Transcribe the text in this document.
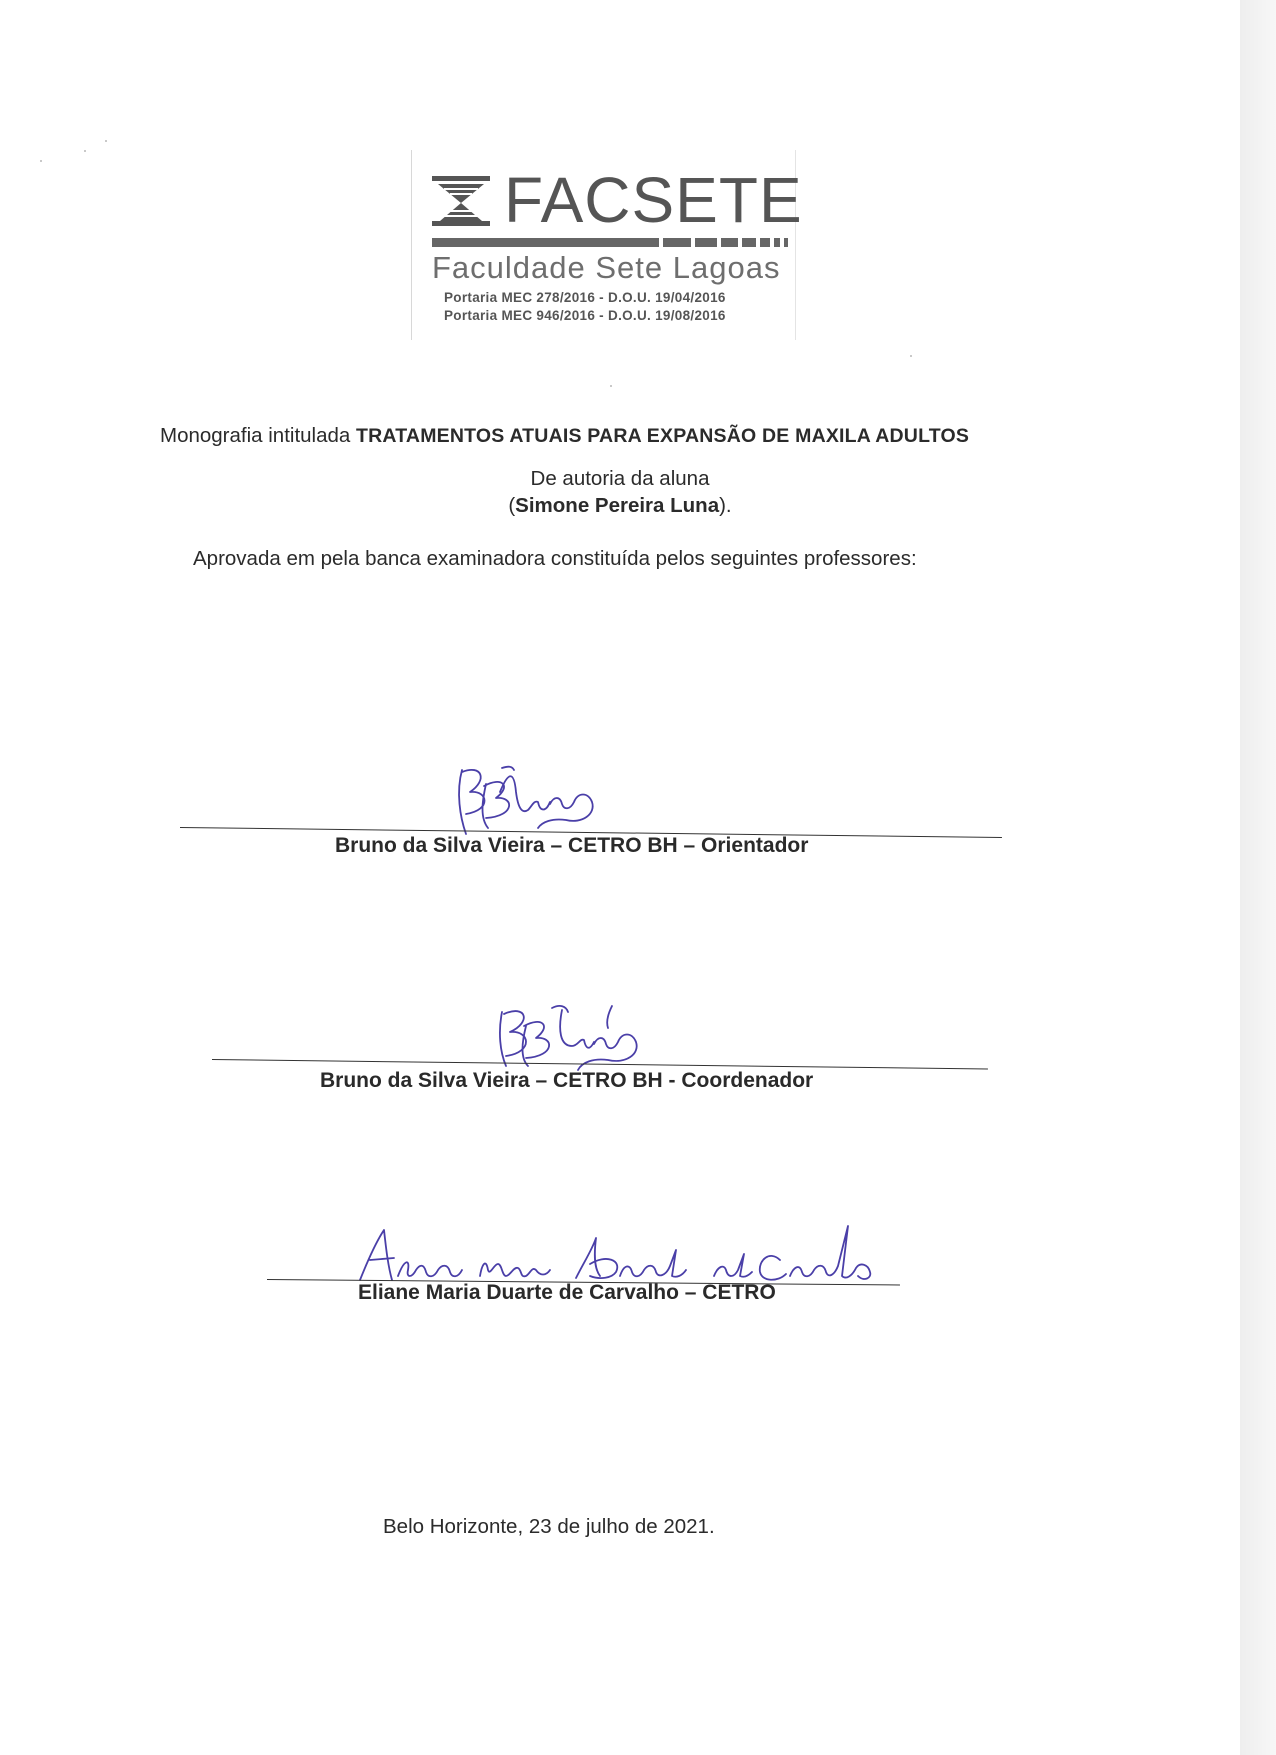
FACSETE
Faculdade Sete Lagoas
Portaria MEC 278/2016 - D.O.U. 19/04/2016
Portaria MEC 946/2016 - D.O.U. 19/08/2016
Monografia intitulada TRATAMENTOS ATUAIS PARA EXPANSÃO DE MAXILA ADULTOS
De autoria da aluna
(Simone Pereira Luna).
Aprovada em pela banca examinadora constituída pelos seguintes professores:
Bruno da Silva Vieira – CETRO BH – Orientador
Bruno da Silva Vieira – CETRO BH - Coordenador
Eliane Maria Duarte de Carvalho – CETRO
Belo Horizonte, 23 de julho de 2021.
